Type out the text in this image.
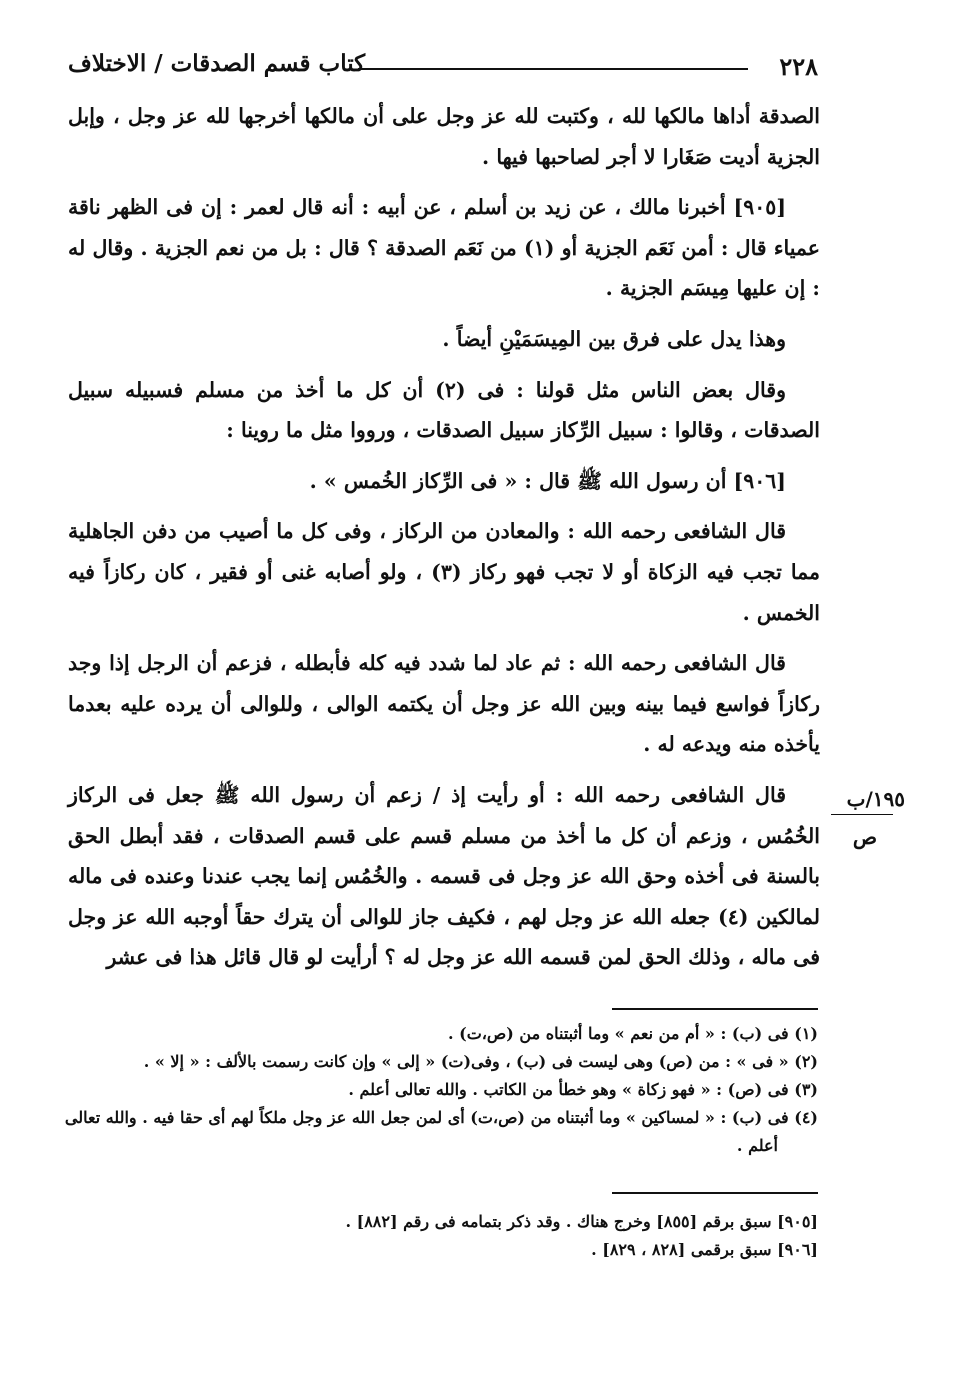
٢٢٨
كتاب قسم الصدقات / الاختلاف

الصدقة أداها مالكها لله ، وكتبت لله عز وجل على أن مالكها أخرجها لله عز وجل ، وإبل الجزية أديت صَغَارا لا أجر لصاحبها فيها .

[٩٠٥] أخبرنا مالك ، عن زيد بن أسلم ، عن أبيه : أنه قال لعمر : إن فى الظهر ناقة عمياء قال : أمن نَعَم الجزية أو (١) من نَعَم الصدقة ؟ قال : بل من نعم الجزية . وقال له : إن عليها مِيسَم الجزية .

وهذا يدل على فرق بين المِيسَمَيْنِ أيضاً .

وقال بعض الناس مثل قولنا : فى (٢) أن كل ما أخذ من مسلم فسبيله سبيل الصدقات ، وقالوا : سبيل الرِّكاز سبيل الصدقات ، ورووا مثل ما روينا :

[٩٠٦] أن رسول الله ﷺ قال : « فى الرِّكاز الخُمس » .

قال الشافعى رحمه الله : والمعادن من الركاز ، وفى كل ما أصيب من دفن الجاهلية مما تجب فيه الزكاة أو لا تجب فهو ركاز (٣) ، ولو أصابه غنى أو فقير ، كان ركازاً فيه الخمس .

قال الشافعى رحمه الله : ثم عاد لما شدد فيه كله فأبطله ، فزعم أن الرجل إذا وجد ركازاً فواسع فيما بينه وبين الله عز وجل أن يكتمه الوالى ، وللوالى أن يرده عليه بعدما يأخذه منه ويدعه له .

قال الشافعى رحمه الله : أو رأيت إذ / زعم أن رسول الله ﷺ جعل فى الركاز الخُمُس ، وزعم أن كل ما أخذ من مسلم قسم على قسم الصدقات ، فقد أبطل الحق بالسنة فى أخذه وحق الله عز وجل فى قسمه . والخُمُس إنما يجب عندنا وعنده فى ماله لمالكين (٤) جعله الله عز وجل لهم ، فكيف جاز للوالى أن يترك حقاً أوجبه الله عز وجل فى ماله ، وذلك الحق لمن قسمه الله عز وجل له ؟ أرأيت لو قال قائل هذا فى عشر

١٩٥/ب
ص
(١) فى (ب) : « أم من نعم » وما أثبتناه من (ص،ت) .
(٢) « فى » : من (ص) وهى ليست فى (ب) ، وفى(ت) « إلى » وإن كانت رسمت بالألف : « إلا » .
(٣) فى (ص) : « فهو زكاة » وهو خطأ من الكاتب . والله تعالى أعلم .
(٤) فى (ب) : « لمساكين » وما أثبتناه من (ص،ت) أى لمن جعل الله عز وجل ملكاً لهم أى حقا فيه . والله تعالى
أعلم .
[٩٠٥] سبق برقم [٨٥٥] وخرج هناك . وقد ذكر بتمامه فى رقم [٨٨٢] .
[٩٠٦] سبق برقمى [٨٢٨ ، ٨٢٩] .
